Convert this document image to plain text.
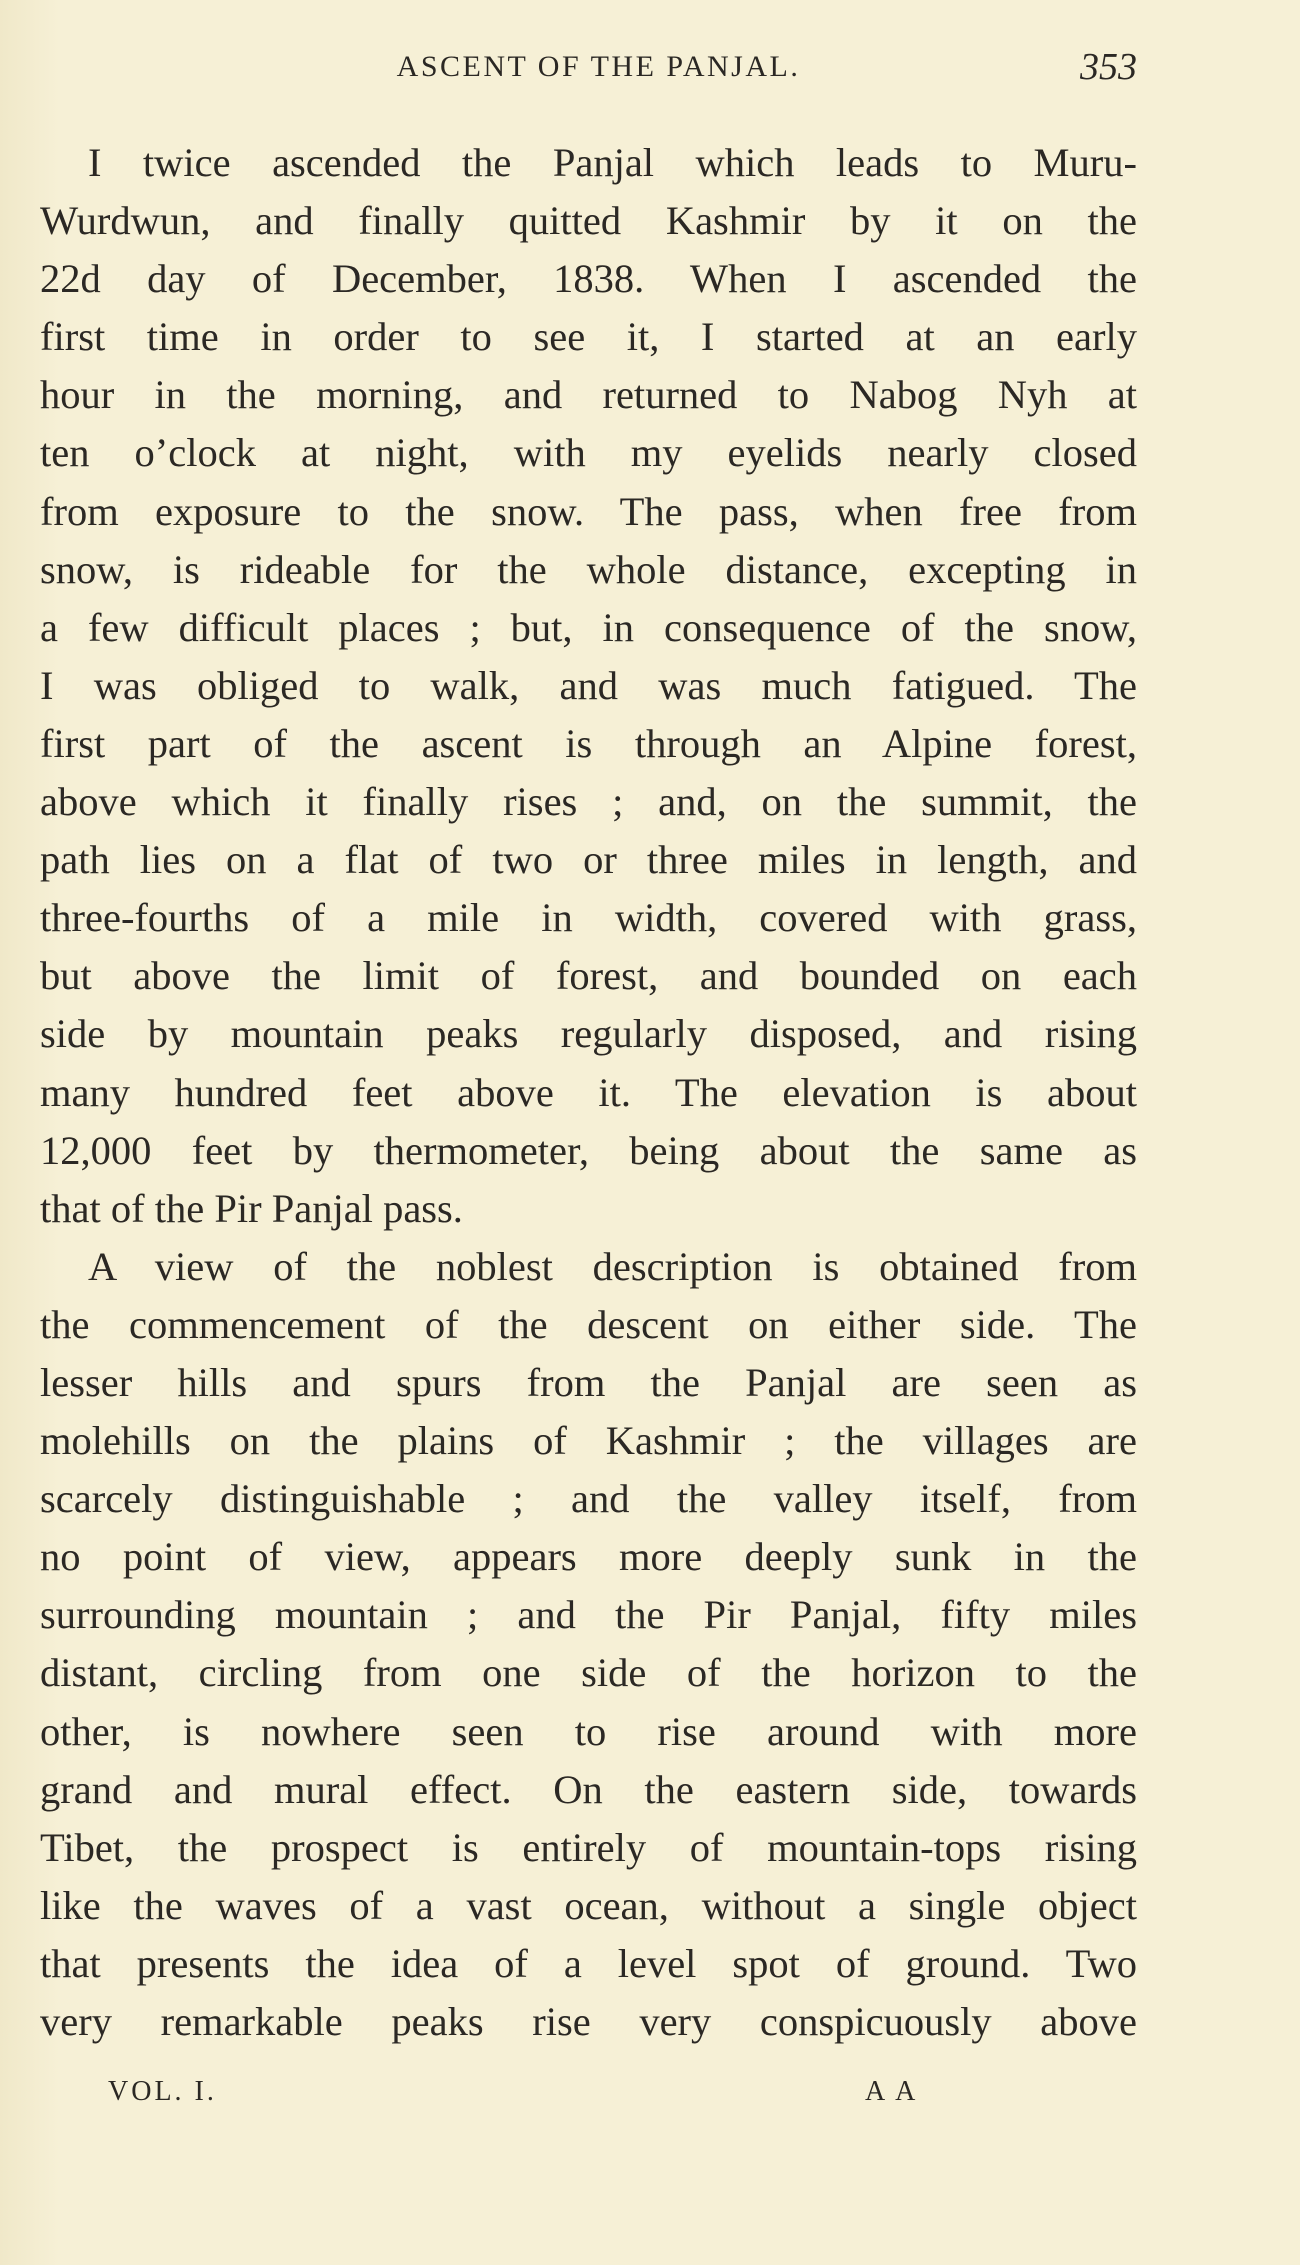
ASCENT OF THE PANJAL.	353
I twice ascended the Panjal which leads to Muru-
Wurdwun, and finally quitted Kashmir by it on the
22d day of December, 1838. When I ascended the
first time in order to see it, I started at an early
hour in the morning, and returned to Nabog Nyh at
ten o’clock at night, with my eyelids nearly closed
from exposure to the snow. The pass, when free from
snow, is rideable for the whole distance, excepting in
a few difficult places ; but, in consequence of the snow,
I was obliged to walk, and was much fatigued. The
first part of the ascent is through an Alpine forest,
above which it finally rises ; and, on the summit, the
path lies on a flat of two or three miles in length, and
three-fourths of a mile in width, covered with grass,
but above the limit of forest, and bounded on each
side by mountain peaks regularly disposed, and rising
many hundred feet above it. The elevation is about
12,000 feet by thermometer, being about the same as
that of the Pir Panjal pass.
A view of the noblest description is obtained from
the commencement of the descent on either side. The
lesser hills and spurs from the Panjal are seen as
molehills on the plains of Kashmir ; the villages are
scarcely distinguishable ; and the valley itself, from
no point of view, appears more deeply sunk in the
surrounding mountain ; and the Pir Panjal, fifty miles
distant, circling from one side of the horizon to the
other, is nowhere seen to rise around with more
grand and mural effect. On the eastern side, towards
Tibet, the prospect is entirely of mountain-tops rising
like the waves of a vast ocean, without a single object
that presents the idea of a level spot of ground. Two
very remarkable peaks rise very conspicuously above
VOL. I.	A A
